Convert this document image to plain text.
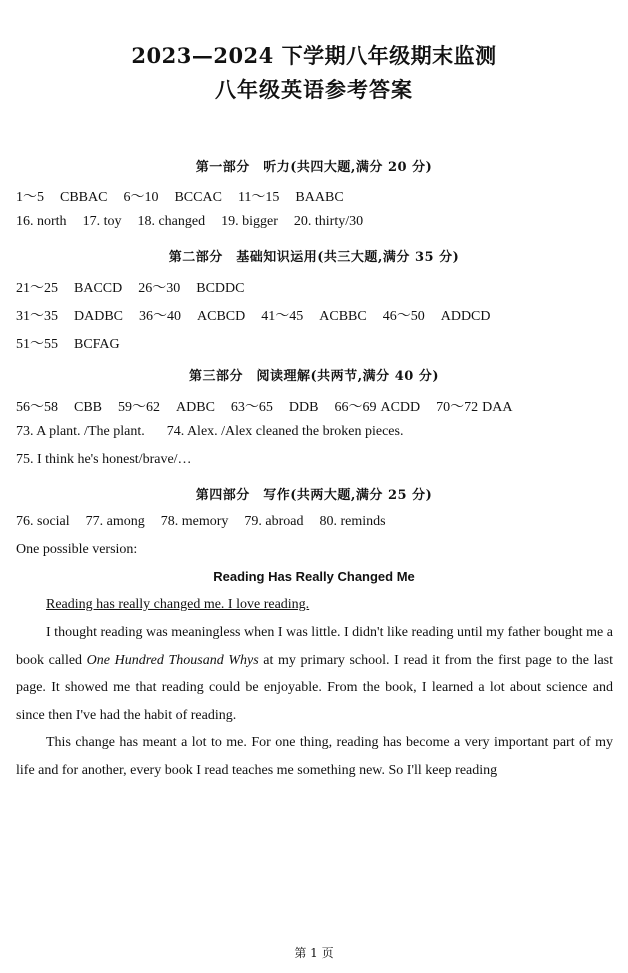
2023—2024 下学期八年级期末监测
八年级英语参考答案
第一部分　听力(共四大题,满分 20 分)
1～5 CBBAC 6～10 BCCAC 11～15 BAABC
16. north 17. toy 18. changed 19. bigger 20. thirty/30
第二部分　基础知识运用(共三大题,满分 35 分)
21～25 BACCD 26～30 BCDDC
31～35 DADBC 36～40 ACBCD 41～45 ACBBC 46～50 ADDCD
51～55 BCFAG
第三部分　阅读理解(共两节,满分 40 分)
56～58 CBB 59～62 ADBC 63～65 DDB 66～69 ACDD 70～72 DAA
73. A plant. /The plant. 74. Alex. /Alex cleaned the broken pieces.
75. I think he's honest/brave/…
第四部分　写作(共两大题,满分 25 分)
76. social 77. among 78. memory 79. abroad 80. reminds
One possible version:
Reading Has Really Changed Me
Reading has really changed me. I love reading.
I thought reading was meaningless when I was little. I didn't like reading until my father bought me a book called One Hundred Thousand Whys at my primary school. I read it from the first page to the last page. It showed me that reading could be enjoyable. From the book, I learned a lot about science and since then I've had the habit of reading.
This change has meant a lot to me. For one thing, reading has become a very important part of my life and for another, every book I read teaches me something new. So I'll keep reading
第 1 页
